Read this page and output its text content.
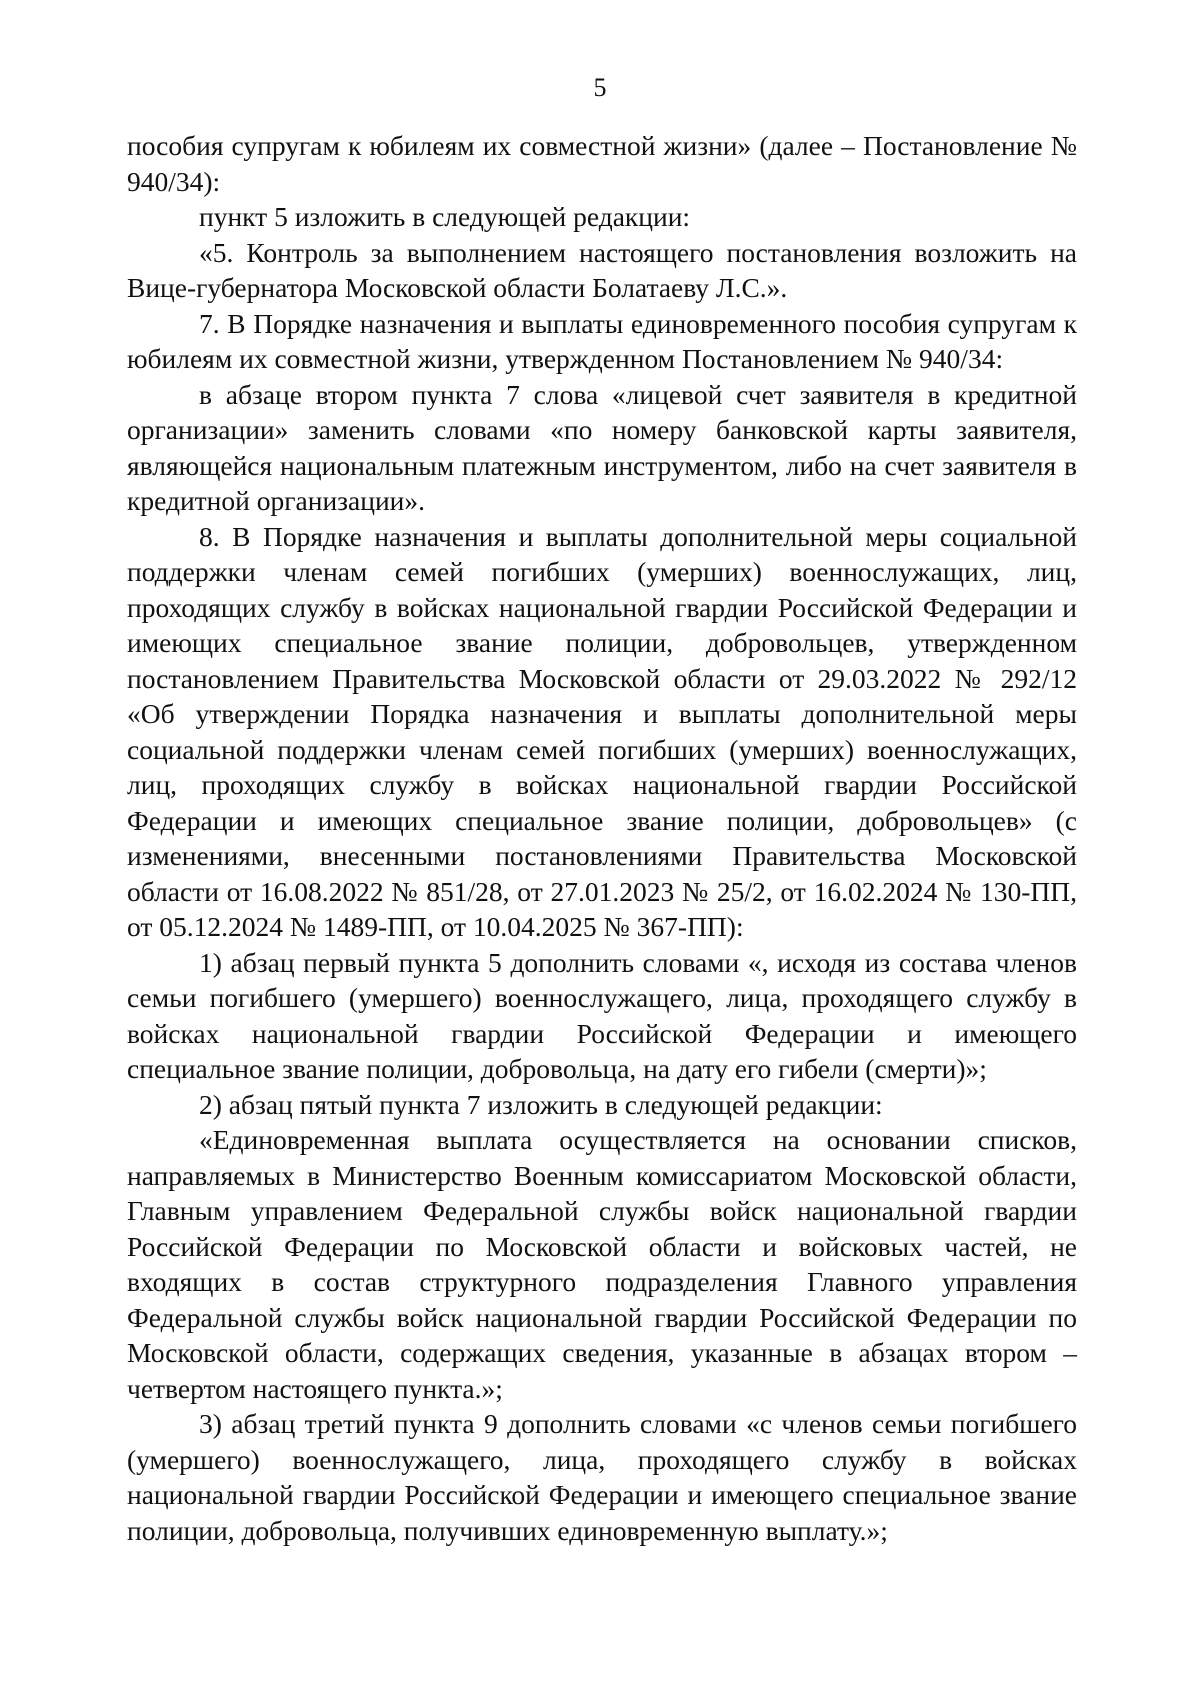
5

пособия супругам к юбилеям их совместной жизни» (далее – Постановление № 940/34):

пункт 5 изложить в следующей редакции:

«5. Контроль за выполнением настоящего постановления возложить на Вице-губернатора Московской области Болатаеву Л.С.».

7. В Порядке назначения и выплаты единовременного пособия супругам к юбилеям их совместной жизни, утвержденном Постановлением № 940/34:

в абзаце втором пункта 7 слова «лицевой счет заявителя в кредитной организации» заменить словами «по номеру банковской карты заявителя, являющейся национальным платежным инструментом, либо на счет заявителя в кредитной организации».

8. В Порядке назначения и выплаты дополнительной меры социальной поддержки членам семей погибших (умерших) военнослужащих, лиц, проходящих службу в войсках национальной гвардии Российской Федерации и имеющих специальное звание полиции, добровольцев, утвержденном постановлением Правительства Московской области от 29.03.2022 № 292/12 «Об утверждении Порядка назначения и выплаты дополнительной меры социальной поддержки членам семей погибших (умерших) военнослужащих, лиц, проходящих службу в войсках национальной гвардии Российской Федерации и имеющих специальное звание полиции, добровольцев» (с изменениями, внесенными постановлениями Правительства Московской области от 16.08.2022 № 851/28, от 27.01.2023 № 25/2, от 16.02.2024 № 130-ПП, от 05.12.2024 № 1489-ПП, от 10.04.2025 № 367-ПП):

1) абзац первый пункта 5 дополнить словами «, исходя из состава членов семьи погибшего (умершего) военнослужащего, лица, проходящего службу в войсках национальной гвардии Российской Федерации и имеющего специальное звание полиции, добровольца, на дату его гибели (смерти)»;

2) абзац пятый пункта 7 изложить в следующей редакции:

«Единовременная выплата осуществляется на основании списков, направляемых в Министерство Военным комиссариатом Московской области, Главным управлением Федеральной службы войск национальной гвардии Российской Федерации по Московской области и войсковых частей, не входящих в состав структурного подразделения Главного управления Федеральной службы войск национальной гвардии Российской Федерации по Московской области, содержащих сведения, указанные в абзацах втором – четвертом настоящего пункта.»;

3) абзац третий пункта 9 дополнить словами «с членов семьи погибшего (умершего) военнослужащего, лица, проходящего службу в войсках национальной гвардии Российской Федерации и имеющего специальное звание полиции, добровольца, получивших единовременную выплату.»;
